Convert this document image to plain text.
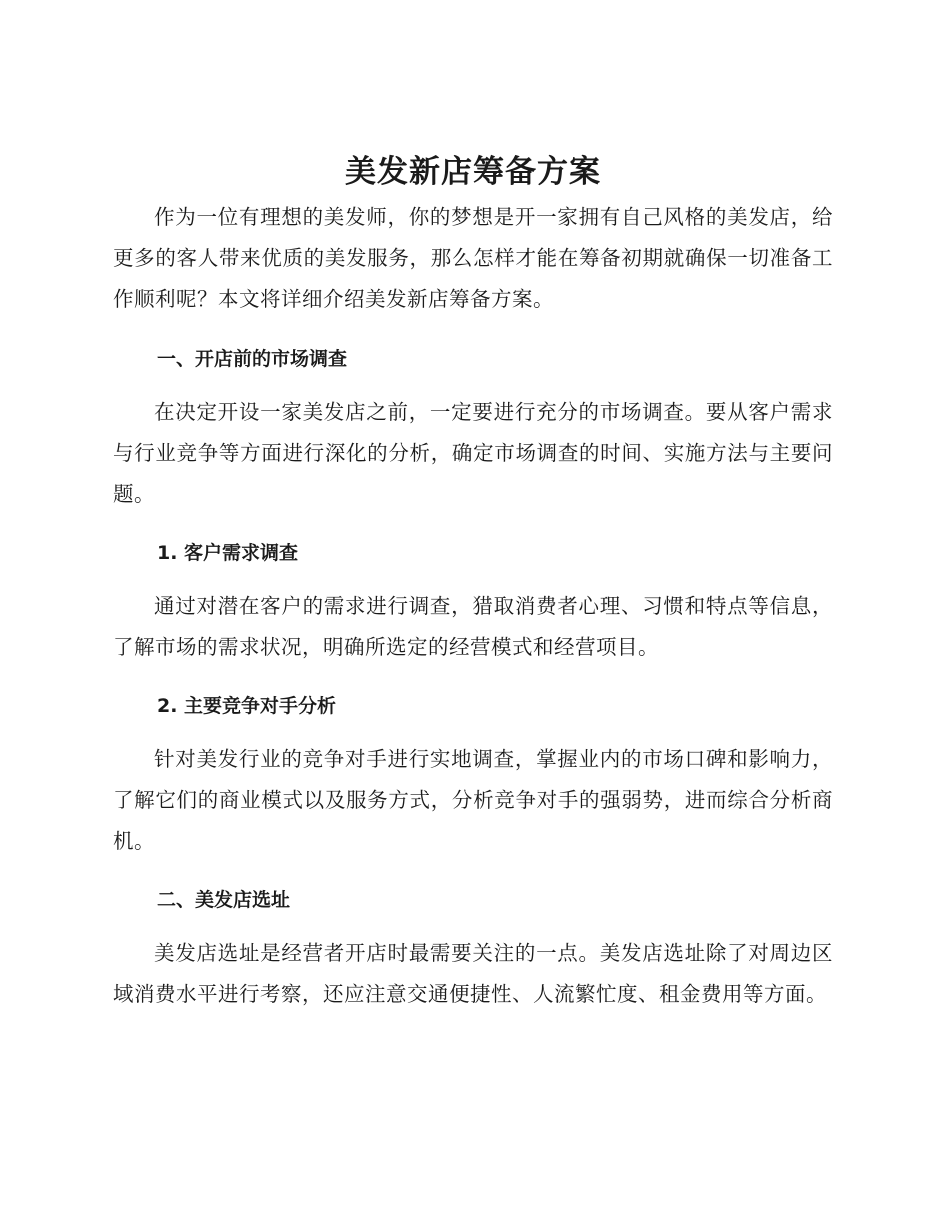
美发新店筹备方案

作为一位有理想的美发师，你的梦想是开一家拥有自己风格的美发店，给更多的客人带来优质的美发服务，那么怎样才能在筹备初期就确保一切准备工作顺利呢？本文将详细介绍美发新店筹备方案。

一、开店前的市场调查

在决定开设一家美发店之前，一定要进行充分的市场调查。要从客户需求与行业竞争等方面进行深化的分析，确定市场调查的时间、实施方法与主要问题。

1. 客户需求调查

通过对潜在客户的需求进行调查，猎取消费者心理、习惯和特点等信息，了解市场的需求状况，明确所选定的经营模式和经营项目。

2. 主要竞争对手分析

针对美发行业的竞争对手进行实地调查，掌握业内的市场口碑和影响力，了解它们的商业模式以及服务方式，分析竞争对手的强弱势，进而综合分析商机。

二、美发店选址

美发店选址是经营者开店时最需要关注的一点。美发店选址除了对周边区域消费水平进行考察，还应注意交通便捷性、人流繁忙度、租金费用等方面。
